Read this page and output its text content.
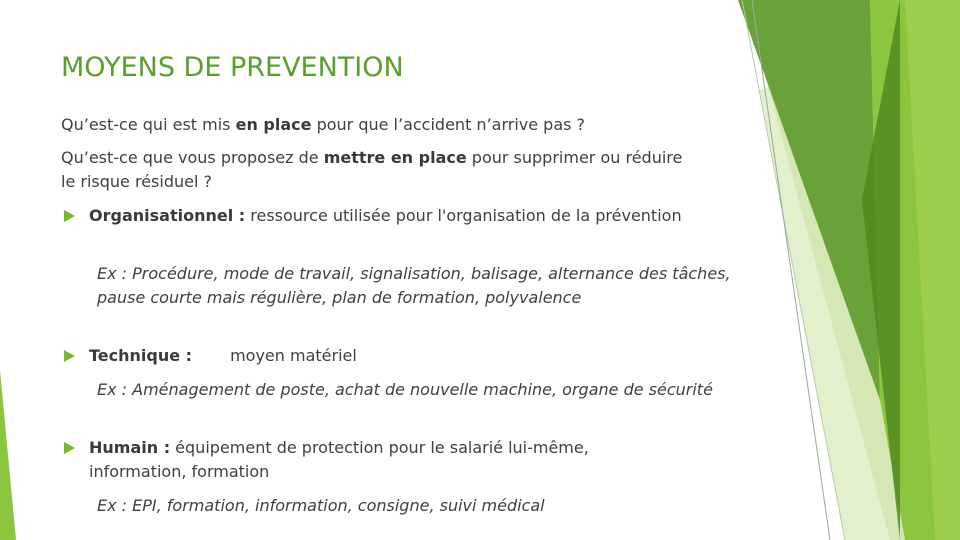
MOYENS DE PREVENTION
Qu’est-ce qui est mis en place pour que l’accident n’arrive pas ?
Qu’est-ce que vous proposez de mettre en place pour supprimer ou réduire le risque résiduel ?
Organisationnel : ressource utilisée pour l'organisation de la prévention
Ex : Procédure, mode de travail, signalisation, balisage, alternance des tâches, pause courte mais régulière, plan de formation, polyvalence
Technique : moyen matériel
Ex : Aménagement de poste, achat de nouvelle machine, organe de sécurité
Humain : équipement de protection pour le salarié lui-même, information, formation
Ex : EPI, formation, information, consigne, suivi médical
